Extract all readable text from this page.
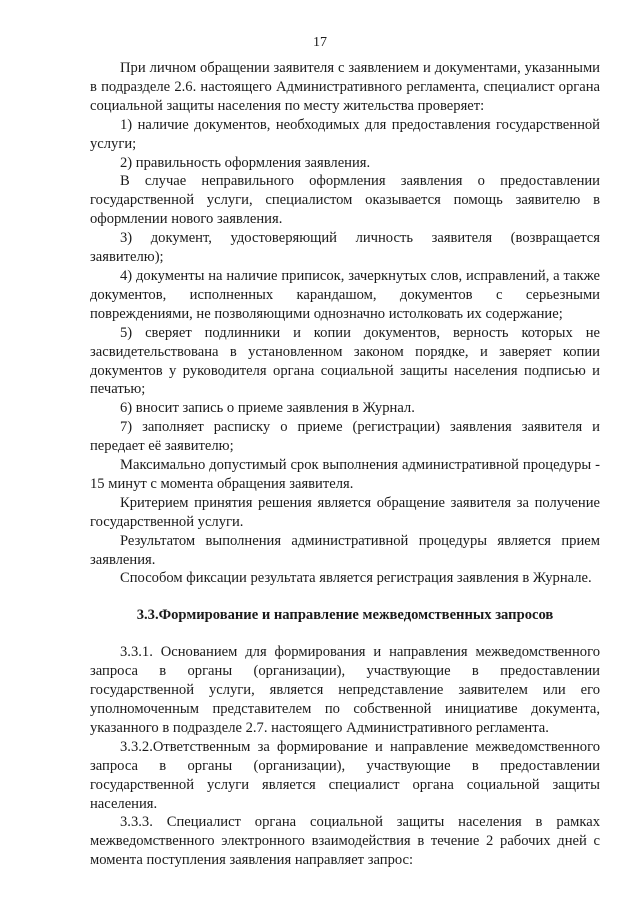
17

При личном обращении заявителя с заявлением и документами, указанными в подразделе 2.6. настоящего Административного регламента, специалист органа социальной защиты населения по месту жительства проверяет:

1) наличие документов, необходимых для предоставления государственной услуги;

2) правильность оформления заявления.

В случае неправильного оформления заявления о предоставлении государственной услуги, специалистом оказывается помощь заявителю в оформлении нового заявления.

3) документ, удостоверяющий личность заявителя (возвращается заявителю);

4) документы на наличие приписок, зачеркнутых слов, исправлений, а также документов, исполненных карандашом, документов с серьезными повреждениями, не позволяющими однозначно истолковать их содержание;

5) сверяет подлинники и копии документов, верность которых не засвидетельствована в установленном законом порядке, и заверяет копии документов у руководителя органа социальной защиты населения подписью и печатью;

6) вносит запись о приеме заявления в Журнал.

7) заполняет расписку о приеме (регистрации) заявления заявителя и передает её заявителю;

Максимально допустимый срок выполнения административной процедуры - 15 минут с момента обращения заявителя.

Критерием принятия решения является обращение заявителя за получение государственной услуги.

Результатом выполнения административной процедуры является прием заявления.

Способом фиксации результата является регистрация заявления в Журнале.

3.3.Формирование и направление межведомственных запросов

3.3.1. Основанием для формирования и направления межведомственного запроса в органы (организации), участвующие в предоставлении государственной услуги, является непредставление заявителем или его уполномоченным представителем по собственной инициативе документа, указанного в подразделе 2.7. настоящего Административного регламента.

3.3.2.Ответственным за формирование и направление межведомственного запроса в органы (организации), участвующие в предоставлении государственной услуги является специалист органа социальной защиты населения.

3.3.3. Специалист органа социальной защиты населения в рамках межведомственного электронного взаимодействия в течение 2 рабочих дней с момента поступления заявления направляет запрос:
